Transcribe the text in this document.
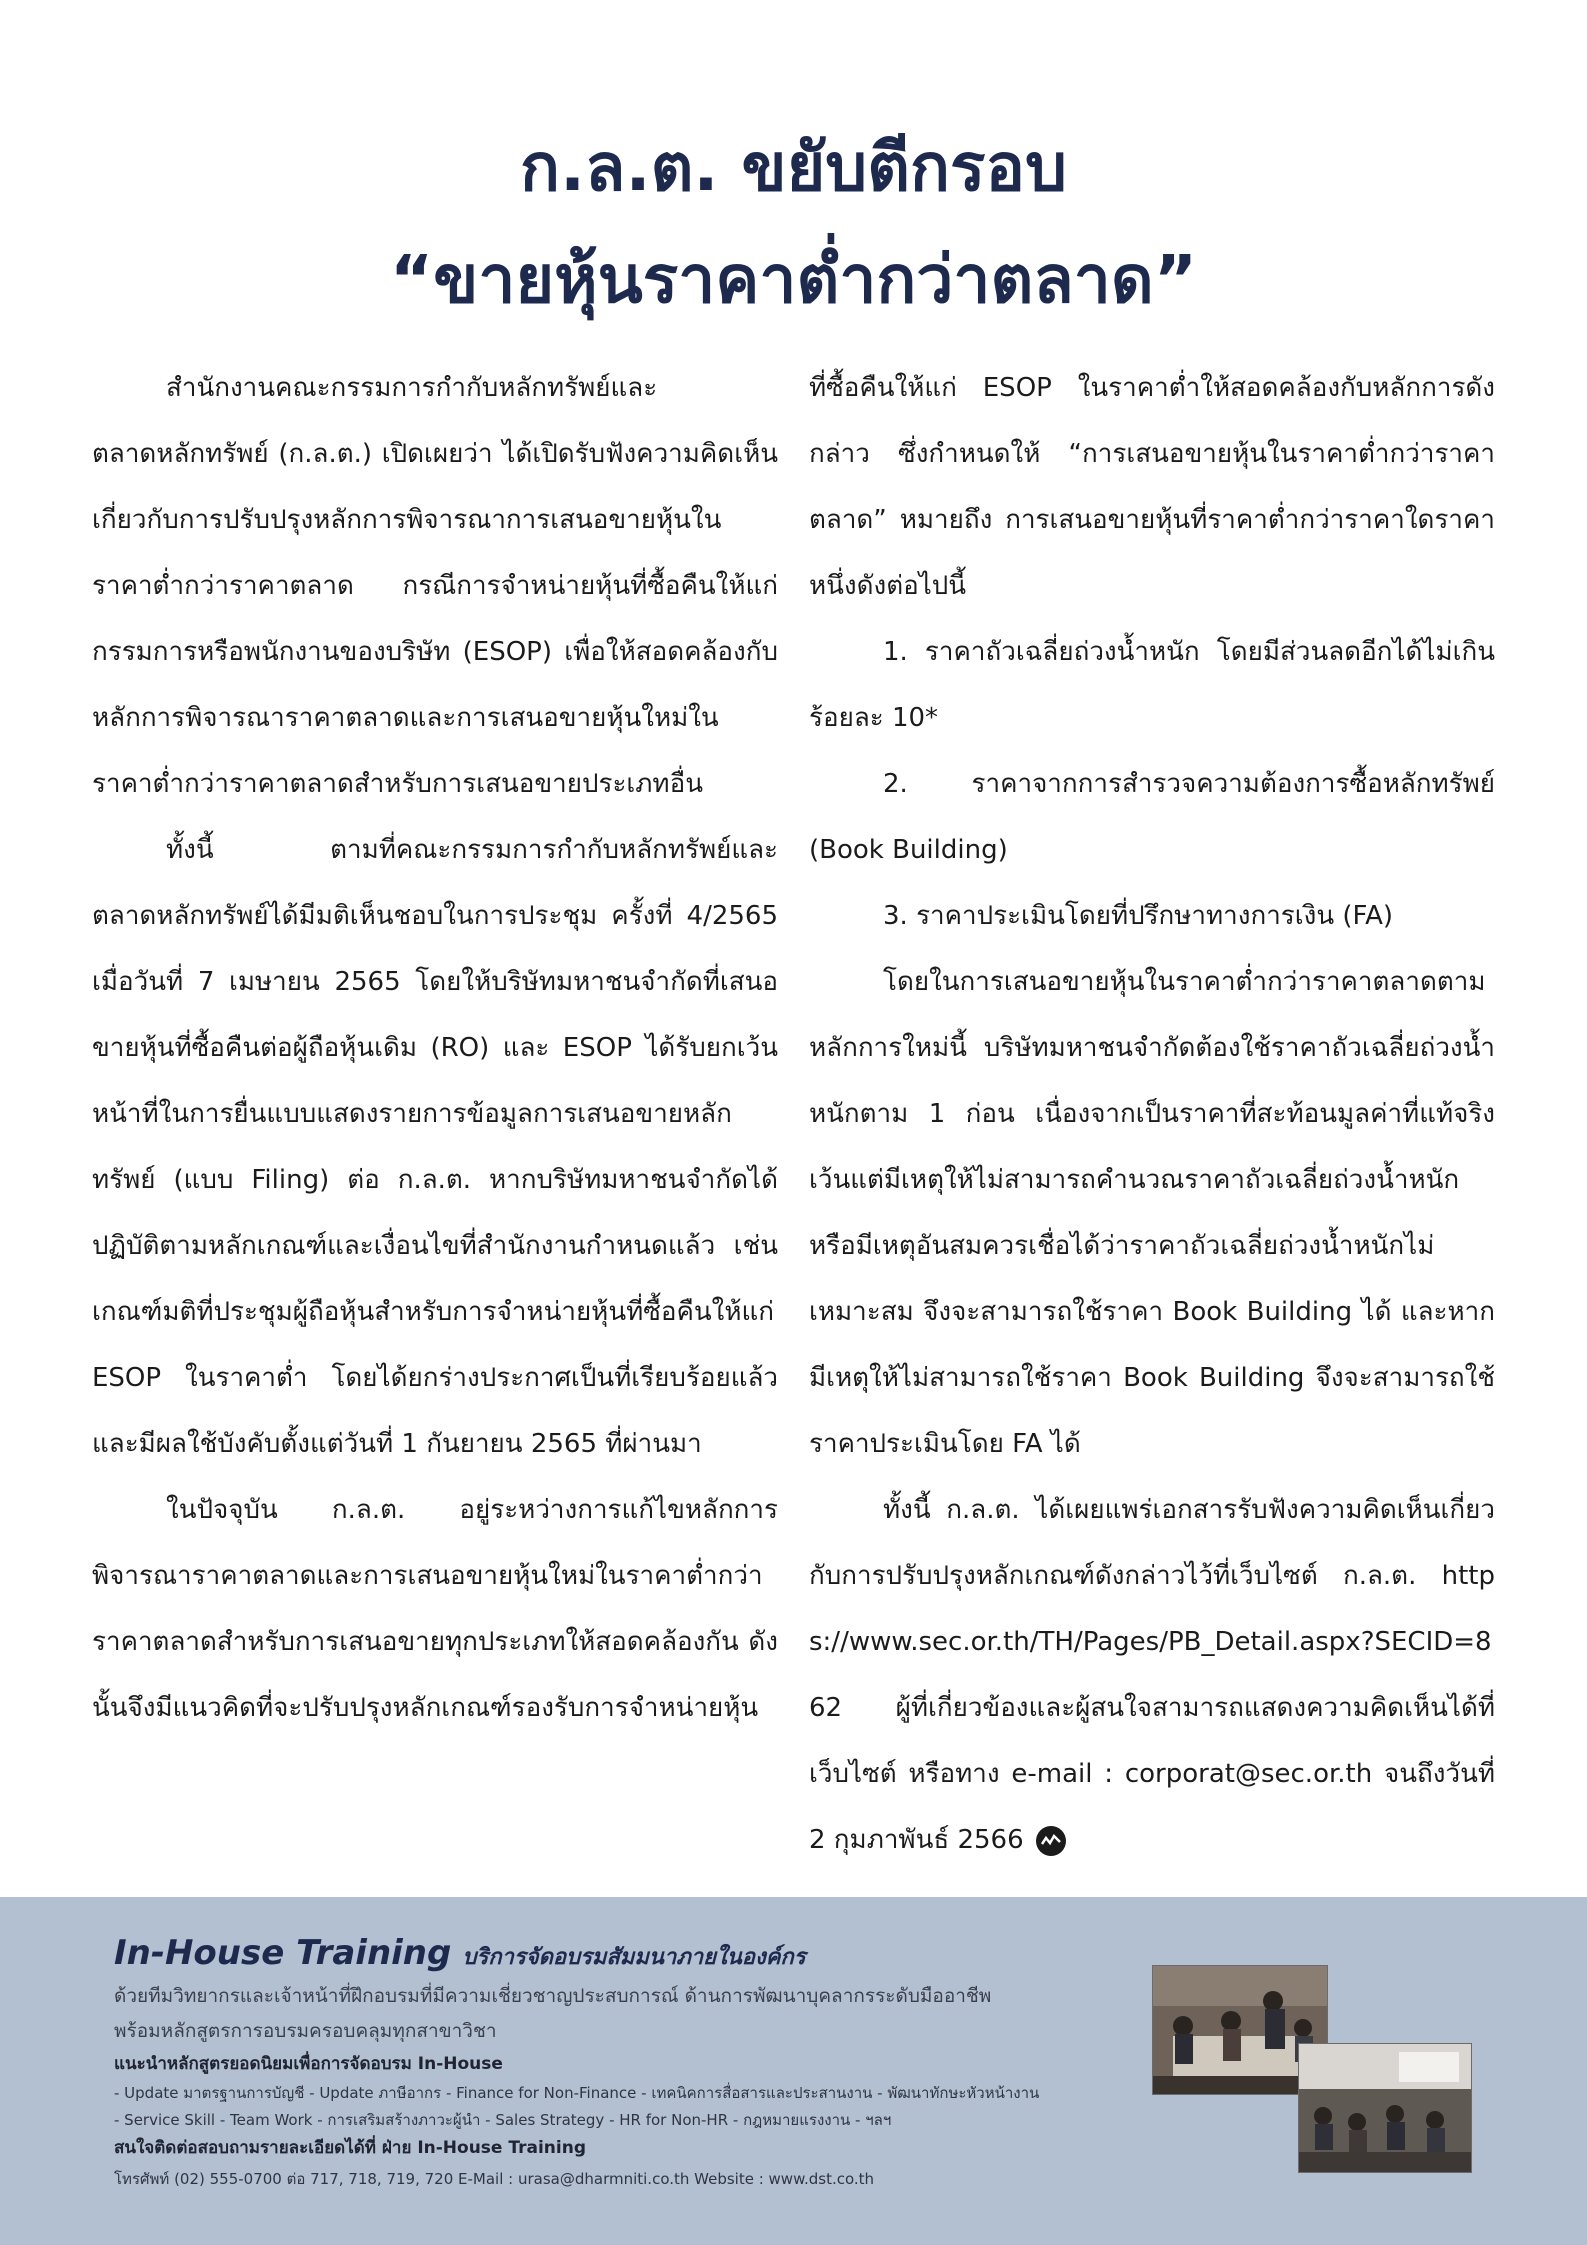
ก.ล.ต. ขยับตีกรอบ
“ขายหุ้นราคาต่ำกว่าตลาด”

สำนักงานคณะกรรมการกำกับหลักทรัพย์และตลาดหลักทรัพย์ (ก.ล.ต.) เปิดเผยว่า ได้เปิดรับฟังความคิดเห็นเกี่ยวกับการปรับปรุงหลักการพิจารณาการเสนอขายหุ้นในราคาต่ำกว่าราคาตลาด กรณีการจำหน่ายหุ้นที่ซื้อคืนให้แก่กรรมการหรือพนักงานของบริษัท (ESOP) เพื่อให้สอดคล้องกับหลักการพิจารณาราคาตลาดและการเสนอขายหุ้นใหม่ในราคาต่ำกว่าราคาตลาดสำหรับการเสนอขายประเภทอื่น

ทั้งนี้ ตามที่คณะกรรมการกำกับหลักทรัพย์และตลาดหลักทรัพย์ได้มีมติเห็นชอบในการประชุม ครั้งที่ 4/2565 เมื่อวันที่ 7 เมษายน 2565 โดยให้บริษัทมหาชนจำกัดที่เสนอขายหุ้นที่ซื้อคืนต่อผู้ถือหุ้นเดิม (RO) และ ESOP ได้รับยกเว้นหน้าที่ในการยื่นแบบแสดงรายการข้อมูลการเสนอขายหลักทรัพย์ (แบบ Filing) ต่อ ก.ล.ต. หากบริษัทมหาชนจำกัดได้ปฏิบัติตามหลักเกณฑ์และเงื่อนไขที่สำนักงานกำหนดแล้ว เช่น เกณฑ์มติที่ประชุมผู้ถือหุ้นสำหรับการจำหน่ายหุ้นที่ซื้อคืนให้แก่ ESOP ในราคาต่ำ โดยได้ยกร่างประกาศเป็นที่เรียบร้อยแล้ว และมีผลใช้บังคับตั้งแต่วันที่ 1 กันยายน 2565 ที่ผ่านมา

ในปัจจุบัน ก.ล.ต. อยู่ระหว่างการแก้ไขหลักการพิจารณาราคาตลาดและการเสนอขายหุ้นใหม่ในราคาต่ำกว่าราคาตลาดสำหรับการเสนอขายทุกประเภทให้สอดคล้องกัน ดังนั้นจึงมีแนวคิดที่จะปรับปรุงหลักเกณฑ์รองรับการจำหน่ายหุ้น

ที่ซื้อคืนให้แก่ ESOP ในราคาต่ำให้สอดคล้องกับหลักการดังกล่าว ซึ่งกำหนดให้ “การเสนอขายหุ้นในราคาต่ำกว่าราคาตลาด” หมายถึง การเสนอขายหุ้นที่ราคาต่ำกว่าราคาใดราคาหนึ่งดังต่อไปนี้

1. ราคาถัวเฉลี่ยถ่วงน้ำหนัก โดยมีส่วนลดอีกได้ไม่เกินร้อยละ 10*

2. ราคาจากการสำรวจความต้องการซื้อหลักทรัพย์ (Book Building)

3. ราคาประเมินโดยที่ปรึกษาทางการเงิน (FA)

โดยในการเสนอขายหุ้นในราคาต่ำกว่าราคาตลาดตามหลักการใหม่นี้ บริษัทมหาชนจำกัดต้องใช้ราคาถัวเฉลี่ยถ่วงน้ำหนักตาม 1 ก่อน เนื่องจากเป็นราคาที่สะท้อนมูลค่าที่แท้จริง เว้นแต่มีเหตุให้ไม่สามารถคำนวณราคาถัวเฉลี่ยถ่วงน้ำหนัก หรือมีเหตุอันสมควรเชื่อได้ว่าราคาถัวเฉลี่ยถ่วงน้ำหนักไม่เหมาะสม จึงจะสามารถใช้ราคา Book Building ได้ และหากมีเหตุให้ไม่สามารถใช้ราคา Book Building จึงจะสามารถใช้ราคาประเมินโดย FA ได้

ทั้งนี้ ก.ล.ต. ได้เผยแพร่เอกสารรับฟังความคิดเห็นเกี่ยวกับการปรับปรุงหลักเกณฑ์ดังกล่าวไว้ที่เว็บไซต์ ก.ล.ต. https://www.sec.or.th/TH/Pages/PB_Detail.aspx?SECID=862 ผู้ที่เกี่ยวข้องและผู้สนใจสามารถแสดงความคิดเห็นได้ที่เว็บไซต์ หรือทาง e-mail : corporat@sec.or.th จนถึงวันที่ 2 กุมภาพันธ์ 2566

In-House Training บริการจัดอบรมสัมมนาภายในองค์กร
ด้วยทีมวิทยากรและเจ้าหน้าที่ฝึกอบรมที่มีความเชี่ยวชาญประสบการณ์ ด้านการพัฒนาบุคลากรระดับมืออาชีพ
พร้อมหลักสูตรการอบรมครอบคลุมทุกสาขาวิชา
แนะนำหลักสูตรยอดนิยมเพื่อการจัดอบรม In-House
- Update มาตรฐานการบัญชี - Update ภาษีอากร - Finance for Non-Finance - เทคนิคการสื่อสารและประสานงาน - พัฒนาทักษะหัวหน้างาน
- Service Skill - Team Work - การเสริมสร้างภาวะผู้นำ - Sales Strategy - HR for Non-HR - กฎหมายแรงงาน - ฯลฯ
สนใจติดต่อสอบถามรายละเอียดได้ที่ ฝ่าย In-House Training
โทรศัพท์ (02) 555-0700 ต่อ 717, 718, 719, 720 E-Mail : urasa@dharmniti.co.th Website : www.dst.co.th
